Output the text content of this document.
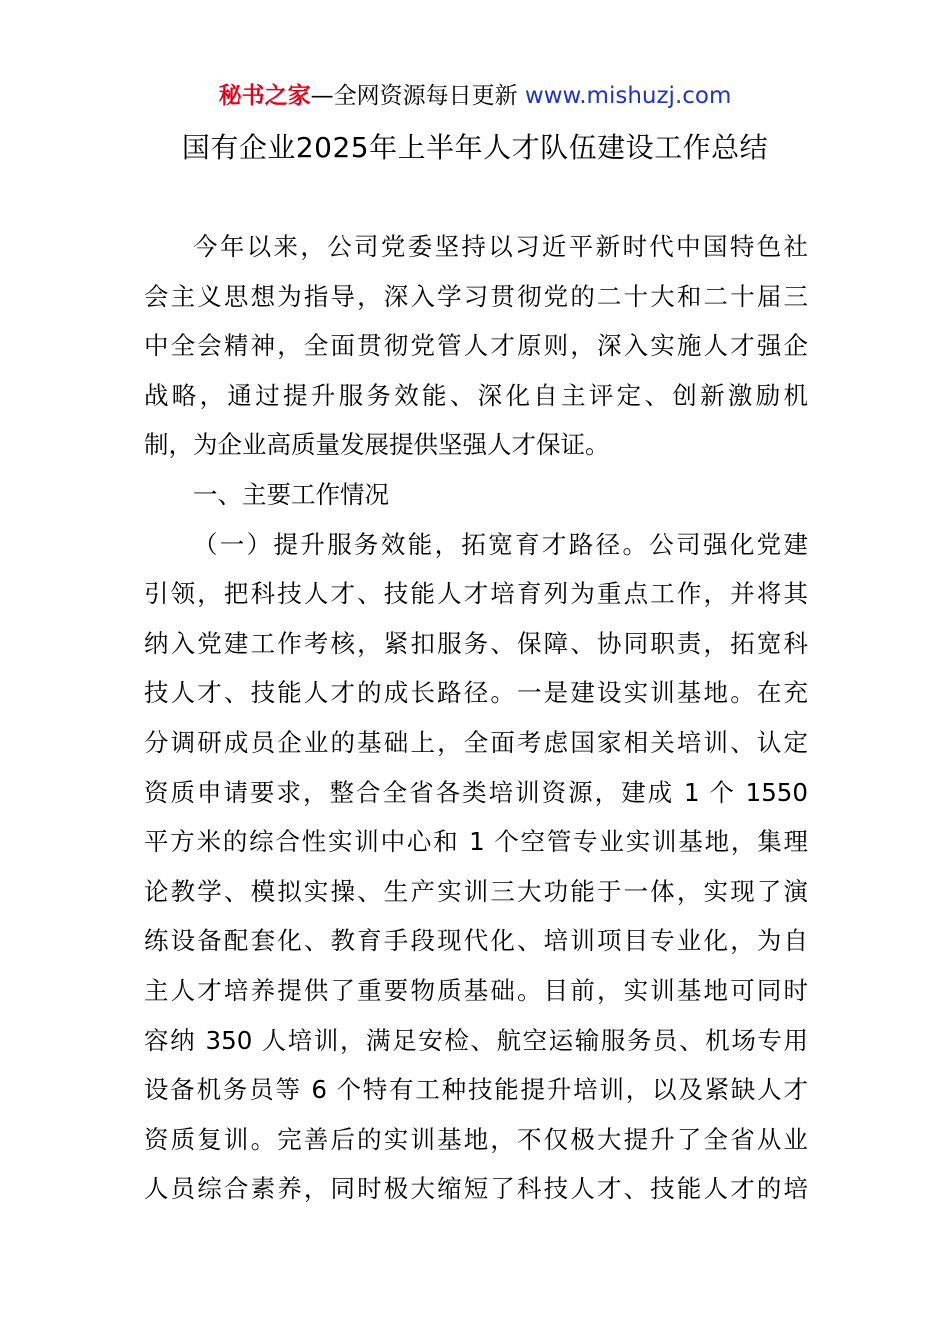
秘书之家—全网资源每日更新 www.mishuzj.com
国有企业2025年上半年人才队伍建设工作总结
今年以来，公司党委坚持以习近平新时代中国特色社
会主义思想为指导，深入学习贯彻党的二十大和二十届三
中全会精神，全面贯彻党管人才原则，深入实施人才强企
战略，通过提升服务效能、深化自主评定、创新激励机
制，为企业高质量发展提供坚强人才保证。
一、主要工作情况
（一）提升服务效能，拓宽育才路径。公司强化党建
引领，把科技人才、技能人才培育列为重点工作，并将其
纳入党建工作考核，紧扣服务、保障、协同职责，拓宽科
技人才、技能人才的成长路径。一是建设实训基地。在充
分调研成员企业的基础上，全面考虑国家相关培训、认定
资质申请要求，整合全省各类培训资源，建成 1 个 1550
平方米的综合性实训中心和 1 个空管专业实训基地，集理
论教学、模拟实操、生产实训三大功能于一体，实现了演
练设备配套化、教育手段现代化、培训项目专业化，为自
主人才培养提供了重要物质基础。目前，实训基地可同时
容纳 350 人培训，满足安检、航空运输服务员、机场专用
设备机务员等 6 个特有工种技能提升培训，以及紧缺人才
资质复训。完善后的实训基地，不仅极大提升了全省从业
人员综合素养，同时极大缩短了科技人才、技能人才的培
